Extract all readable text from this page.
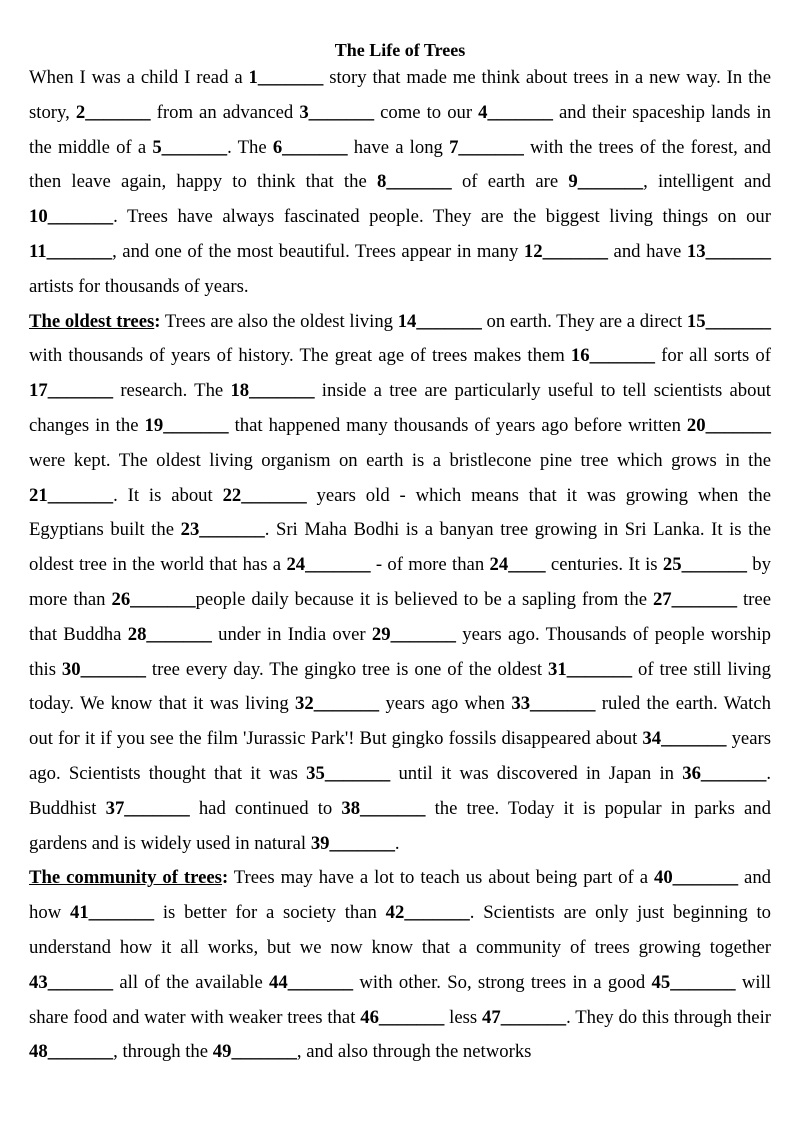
The Life of Trees

When I was a child I read a 1_______ story that made me think about trees in a new way. In the story, 2_______ from an advanced 3_______ come to our 4_______ and their spaceship lands in the middle of a 5_______. The 6_______ have a long 7_______ with the trees of the forest, and then leave again, happy to think that the 8_______ of earth are 9_______, intelligent and 10_______. Trees have always fascinated people. They are the biggest living things on our 11_______, and one of the most beautiful. Trees appear in many 12_______ and have 13_______ artists for thousands of years.

The oldest trees: Trees are also the oldest living 14_______ on earth. They are a direct 15_______ with thousands of years of history. The great age of trees makes them 16_______ for all sorts of 17_______ research. The 18_______ inside a tree are particularly useful to tell scientists about changes in the 19_______ that happened many thousands of years ago before written 20_______ were kept. The oldest living organism on earth is a bristlecone pine tree which grows in the 21_______. It is about 22_______ years old - which means that it was growing when the Egyptians built the 23_______. Sri Maha Bodhi is a banyan tree growing in Sri Lanka. It is the oldest tree in the world that has a 24_______ - of more than 24____ centuries. It is 25_______ by more than 26_______people daily because it is believed to be a sapling from the 27_______ tree that Buddha 28_______ under in India over 29_______ years ago. Thousands of people worship this 30_______ tree every day. The gingko tree is one of the oldest 31_______ of tree still living today. We know that it was living 32_______ years ago when 33_______ ruled the earth. Watch out for it if you see the film 'Jurassic Park'! But gingko fossils disappeared about 34_______ years ago. Scientists thought that it was 35_______ until it was discovered in Japan in 36_______. Buddhist 37_______ had continued to 38_______ the tree. Today it is popular in parks and gardens and is widely used in natural 39_______.

The community of trees: Trees may have a lot to teach us about being part of a 40_______ and how 41_______ is better for a society than 42_______. Scientists are only just beginning to understand how it all works, but we now know that a community of trees growing together 43_______ all of the available 44_______ with other. So, strong trees in a good 45_______ will share food and water with weaker trees that 46_______ less 47_______. They do this through their 48_______, through the 49_______, and also through the networks
